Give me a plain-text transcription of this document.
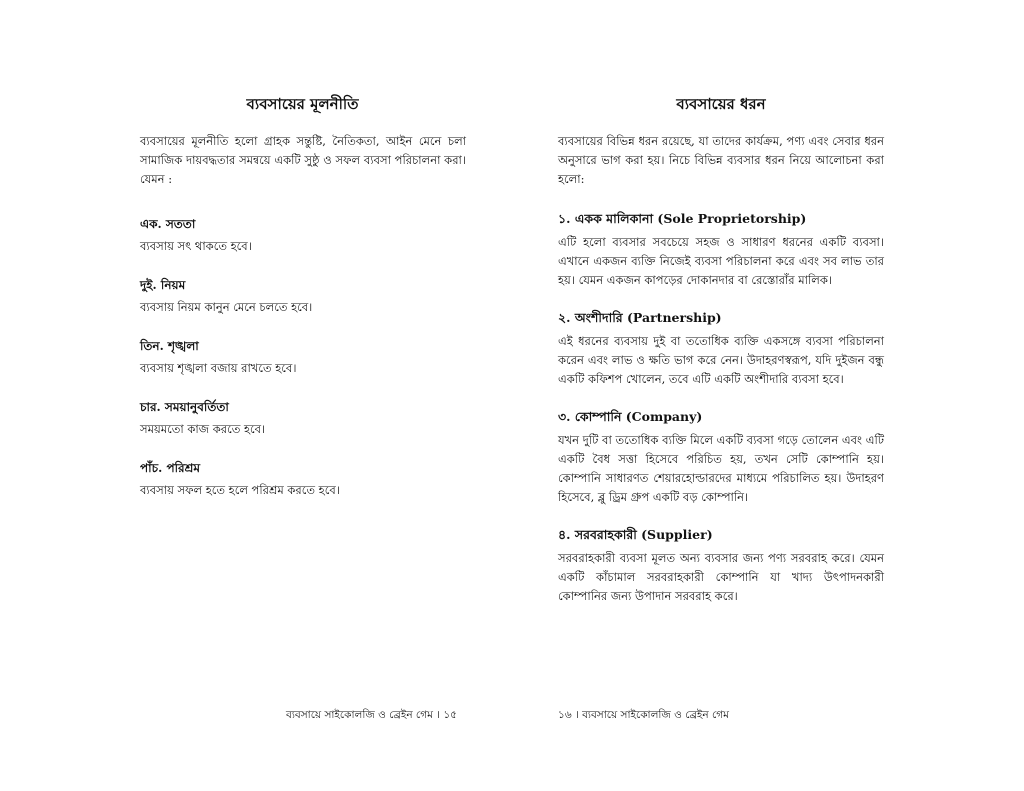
ব্যবসায়ের মূলনীতি

ব্যবসায়ের মূলনীতি হলো গ্রাহক সন্তুষ্টি, নৈতিকতা, আইন মেনে চলা সামাজিক দায়বদ্ধতার সমন্বয়ে একটি সুষ্ঠু ও সফল ব্যবসা পরিচালনা করা। যেমন :

এক. সততা

ব্যবসায় সৎ থাকতে হবে।

দুই. নিয়ম

ব্যবসায় নিয়ম কানুন মেনে চলতে হবে।

তিন. শৃঙ্খলা

ব্যবসায় শৃঙ্খলা বজায় রাখতে হবে।

চার. সময়ানুবর্তিতা

সময়মতো কাজ করতে হবে।

পাঁচ. পরিশ্রম

ব্যবসায় সফল হতে হলে পরিশ্রম করতে হবে।

ব্যবসায়ে সাইকোলজি ও ব্রেইন গেম । ১৫
ব্যবসায়ের ধরন

ব্যবসায়ের বিভিন্ন ধরন রয়েছে, যা তাদের কার্যক্রম, পণ্য এবং সেবার ধরন অনুসারে ভাগ করা হয়। নিচে বিভিন্ন ব্যবসার ধরন নিয়ে আলোচনা করা হলো:

১. একক মালিকানা (Sole Proprietorship)

এটি হলো ব্যবসার সবচেয়ে সহজ ও সাধারণ ধরনের একটি ব্যবসা। এখানে একজন ব্যক্তি নিজেই ব্যবসা পরিচালনা করে এবং সব লাভ তার হয়। যেমন একজন কাপড়ের দোকানদার বা রেস্তোরাঁর মালিক।

২. অংশীদারি (Partnership)

এই ধরনের ব্যবসায় দুই বা ততোধিক ব্যক্তি একসঙ্গে ব্যবসা পরিচালনা করেন এবং লাভ ও ক্ষতি ভাগ করে নেন। উদাহরণস্বরূপ, যদি দুইজন বন্ধু একটি কফিশপ খোলেন, তবে এটি একটি অংশীদারি ব্যবসা হবে।

৩. কোম্পানি (Company)

যখন দুটি বা ততোধিক ব্যক্তি মিলে একটি ব্যবসা গড়ে তোলেন এবং এটি একটি বৈধ সত্তা হিসেবে পরিচিত হয়, তখন সেটি কোম্পানি হয়। কোম্পানি সাধারণত শেয়ারহোল্ডারদের মাধ্যমে পরিচালিত হয়। উদাহরণ হিসেবে, ব্লু ড্রিম গ্রুপ একটি বড় কোম্পানি।

৪. সরবরাহকারী (Supplier)

সরবরাহকারী ব্যবসা মূলত অন্য ব্যবসার জন্য পণ্য সরবরাহ করে। যেমন একটি কাঁচামাল সরবরাহকারী কোম্পানি যা খাদ্য উৎপাদনকারী কোম্পানির জন্য উপাদান সরবরাহ করে।

১৬ । ব্যবসায়ে সাইকোলজি ও ব্রেইন গেম
